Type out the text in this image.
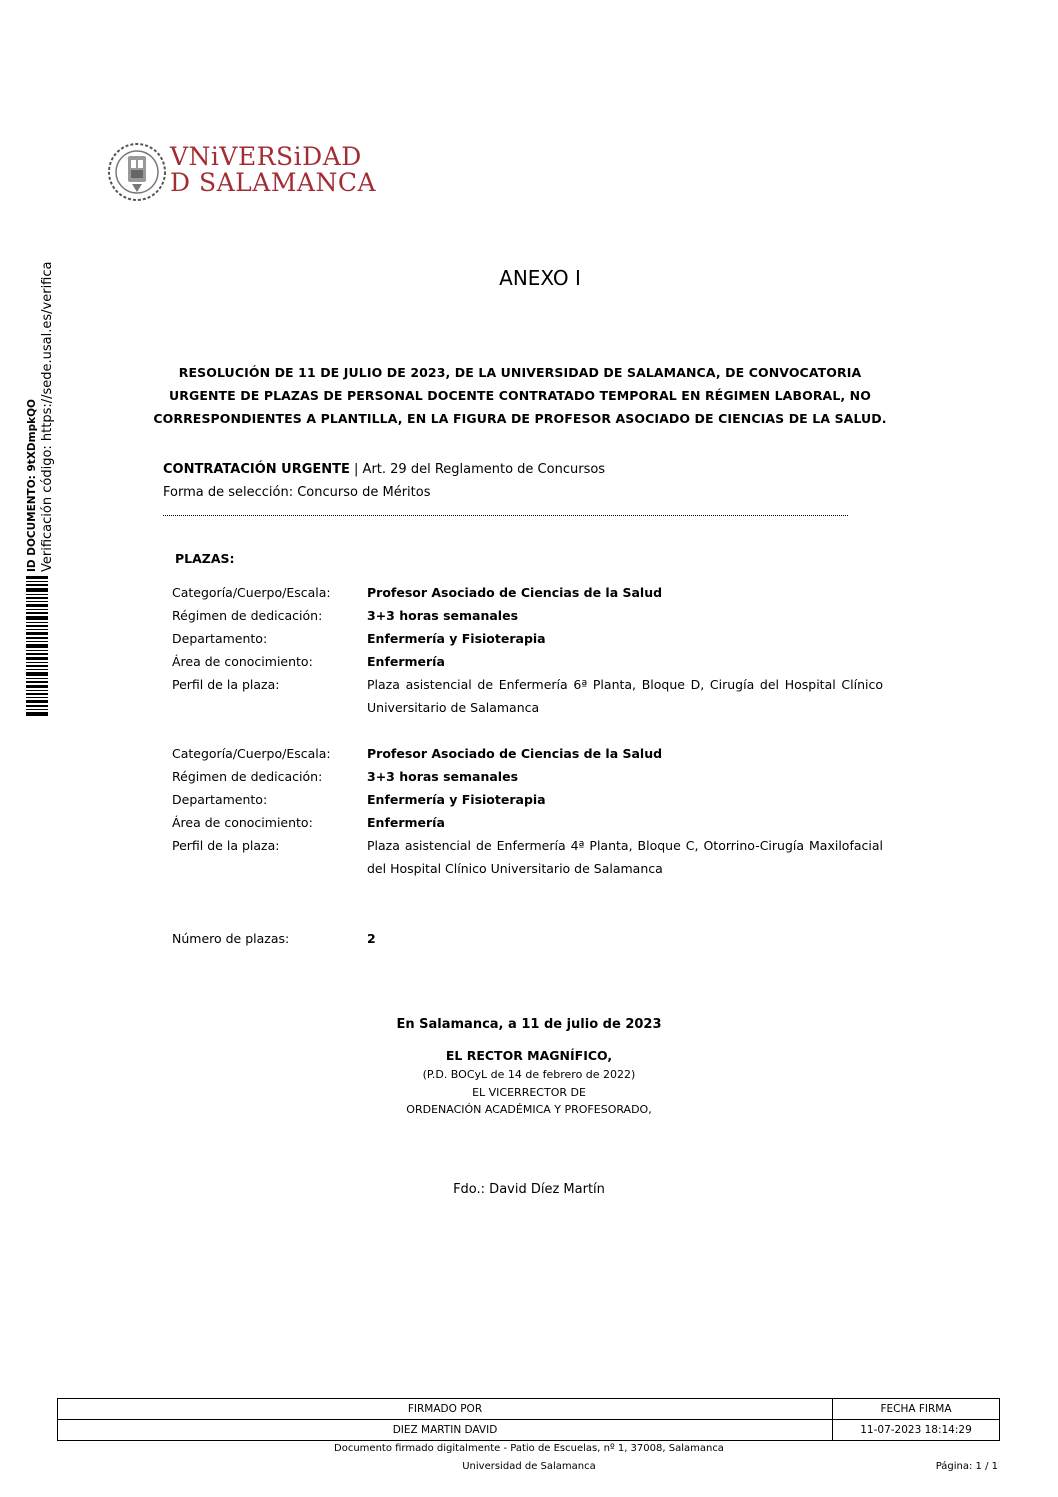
VNiVERSiDAD
D SALAMANCA
ID DOCUMENTO: 9tXDmpkQO Verificación código: https://sede.usal.es/verifica	ANEXO I
RESOLUCIÓN DE 11 DE JULIO DE 2023, DE LA UNIVERSIDAD DE SALAMANCA, DE CONVOCATORIA
URGENTE DE PLAZAS DE PERSONAL DOCENTE CONTRATADO TEMPORAL EN RÉGIMEN LABORAL, NO
CORRESPONDIENTES A PLANTILLA, EN LA FIGURA DE PROFESOR ASOCIADO DE CIENCIAS DE LA SALUD.
CONTRATACIÓN URGENTE | Art. 29 del Reglamento de Concursos
Forma de selección: Concurso de Méritos
PLAZAS:
Categoría/Cuerpo/Escala:	Profesor Asociado de Ciencias de la Salud
Régimen de dedicación:	3+3 horas semanales
Departamento:	Enfermería y Fisioterapia
Área de conocimiento:	Enfermería
Perfil de la plaza:	Plaza asistencial de Enfermería 6ª Planta, Bloque D, Cirugía del Hospital Clínico Universitario de Salamanca
Categoría/Cuerpo/Escala:	Profesor Asociado de Ciencias de la Salud
Régimen de dedicación:	3+3 horas semanales
Departamento:	Enfermería y Fisioterapia
Área de conocimiento:	Enfermería
Perfil de la plaza:	Plaza asistencial de Enfermería 4ª Planta, Bloque C, Otorrino-Cirugía Maxilofacial del Hospital Clínico Universitario de Salamanca
Número de plazas:	2
En Salamanca, a 11 de julio de 2023
EL RECTOR MAGNÍFICO,
(P.D. BOCyL de 14 de febrero de 2022)
EL VICERRECTOR DE
ORDENACIÓN ACADÉMICA Y PROFESORADO,
Fdo.: David Díez Martín
FIRMADO POR	FECHA FIRMA
DIEZ MARTIN DAVID	11-07-2023 18:14:29
Documento firmado digitalmente - Patio de Escuelas, nº 1, 37008, Salamanca
Universidad de Salamanca	Página: 1 / 1
